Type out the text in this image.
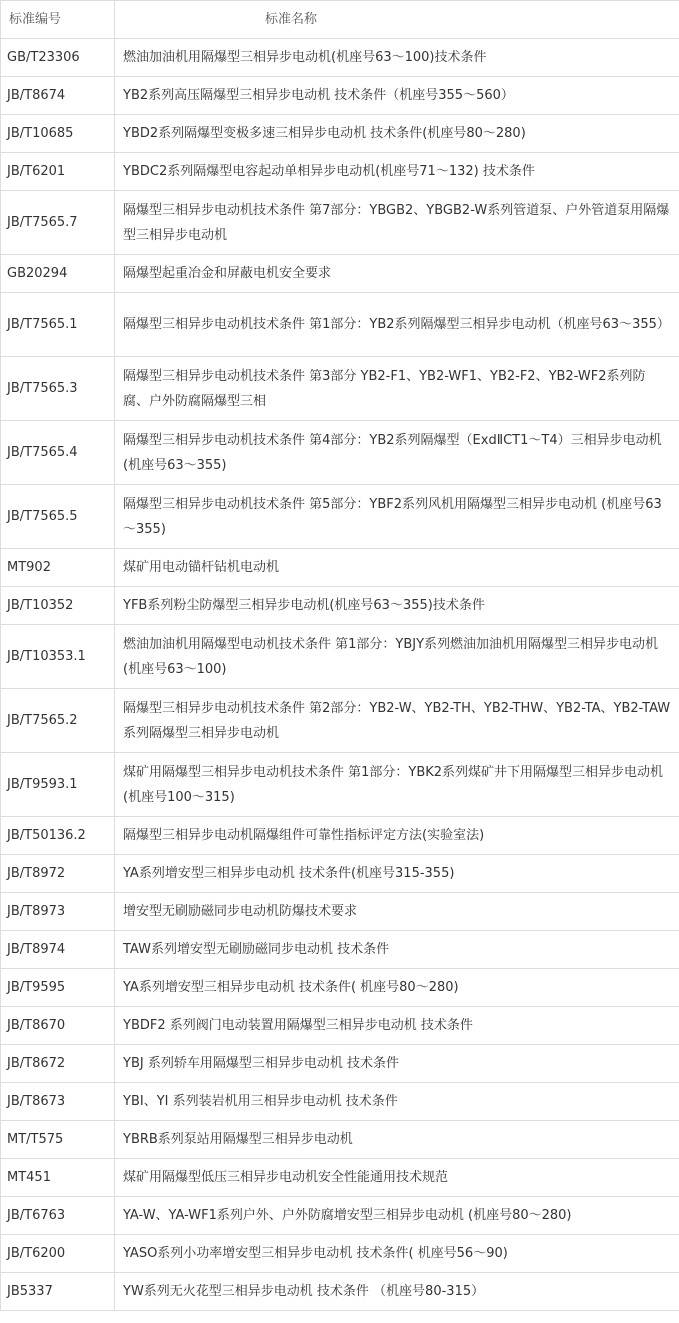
标准编号	标准名称
GB/T23306	燃油加油机用隔爆型三相异步电动机(机座号63～100)技术条件
JB/T8674	YB2系列高压隔爆型三相异步电动机 技术条件（机座号355～560）
JB/T10685	YBD2系列隔爆型变极多速三相异步电动机 技术条件(机座号80～280)
JB/T6201	YBDC2系列隔爆型电容起动单相异步电动机(机座号71～132) 技术条件
JB/T7565.7	隔爆型三相异步电动机技术条件 第7部分：YBGB2、YBGB2-W系列管道泵、户外管道泵用隔爆型三相异步电动机
GB20294	隔爆型起重冶金和屏蔽电机安全要求
JB/T7565.1	隔爆型三相异步电动机技术条件 第1部分：YB2系列隔爆型三相异步电动机（机座号63～355）
JB/T7565.3	隔爆型三相异步电动机技术条件 第3部分 YB2-F1、YB2-WF1、YB2-F2、YB2-WF2系列防腐、户外防腐隔爆型三相
JB/T7565.4	隔爆型三相异步电动机技术条件 第4部分：YB2系列隔爆型（ExdⅡCT1～T4）三相异步电动机 (机座号63～355)
JB/T7565.5	隔爆型三相异步电动机技术条件 第5部分：YBF2系列风机用隔爆型三相异步电动机 (机座号63～355)
MT902	煤矿用电动锚杆钻机电动机
JB/T10352	YFB系列粉尘防爆型三相异步电动机(机座号63～355)技术条件
JB/T10353.1	燃油加油机用隔爆型电动机技术条件 第1部分：YBJY系列燃油加油机用隔爆型三相异步电动机(机座号63～100)
JB/T7565.2	隔爆型三相异步电动机技术条件 第2部分：YB2-W、YB2-TH、YB2-THW、YB2-TA、YB2-TAW系列隔爆型三相异步电动机
JB/T9593.1	煤矿用隔爆型三相异步电动机技术条件 第1部分：YBK2系列煤矿井下用隔爆型三相异步电动机(机座号100～315)
JB/T50136.2	隔爆型三相异步电动机隔爆组件可靠性指标评定方法(实验室法)
JB/T8972	YA系列增安型三相异步电动机 技术条件(机座号315-355)
JB/T8973	增安型无刷励磁同步电动机防爆技术要求
JB/T8974	TAW系列增安型无刷励磁同步电动机 技术条件
JB/T9595	YA系列增安型三相异步电动机 技术条件( 机座号80～280)
JB/T8670	YBDF2 系列阀门电动装置用隔爆型三相异步电动机 技术条件
JB/T8672	YBJ 系列轿车用隔爆型三相异步电动机 技术条件
JB/T8673	YBI、YI 系列装岩机用三相异步电动机 技术条件
MT/T575	YBRB系列泵站用隔爆型三相异步电动机
MT451	煤矿用隔爆型低压三相异步电动机安全性能通用技术规范
JB/T6763	YA-W、YA-WF1系列户外、户外防腐增安型三相异步电动机 (机座号80～280)
JB/T6200	YASO系列小功率增安型三相异步电动机 技术条件( 机座号56～90)
JB5337	YW系列无火花型三相异步电动机 技术条件 （机座号80-315）
